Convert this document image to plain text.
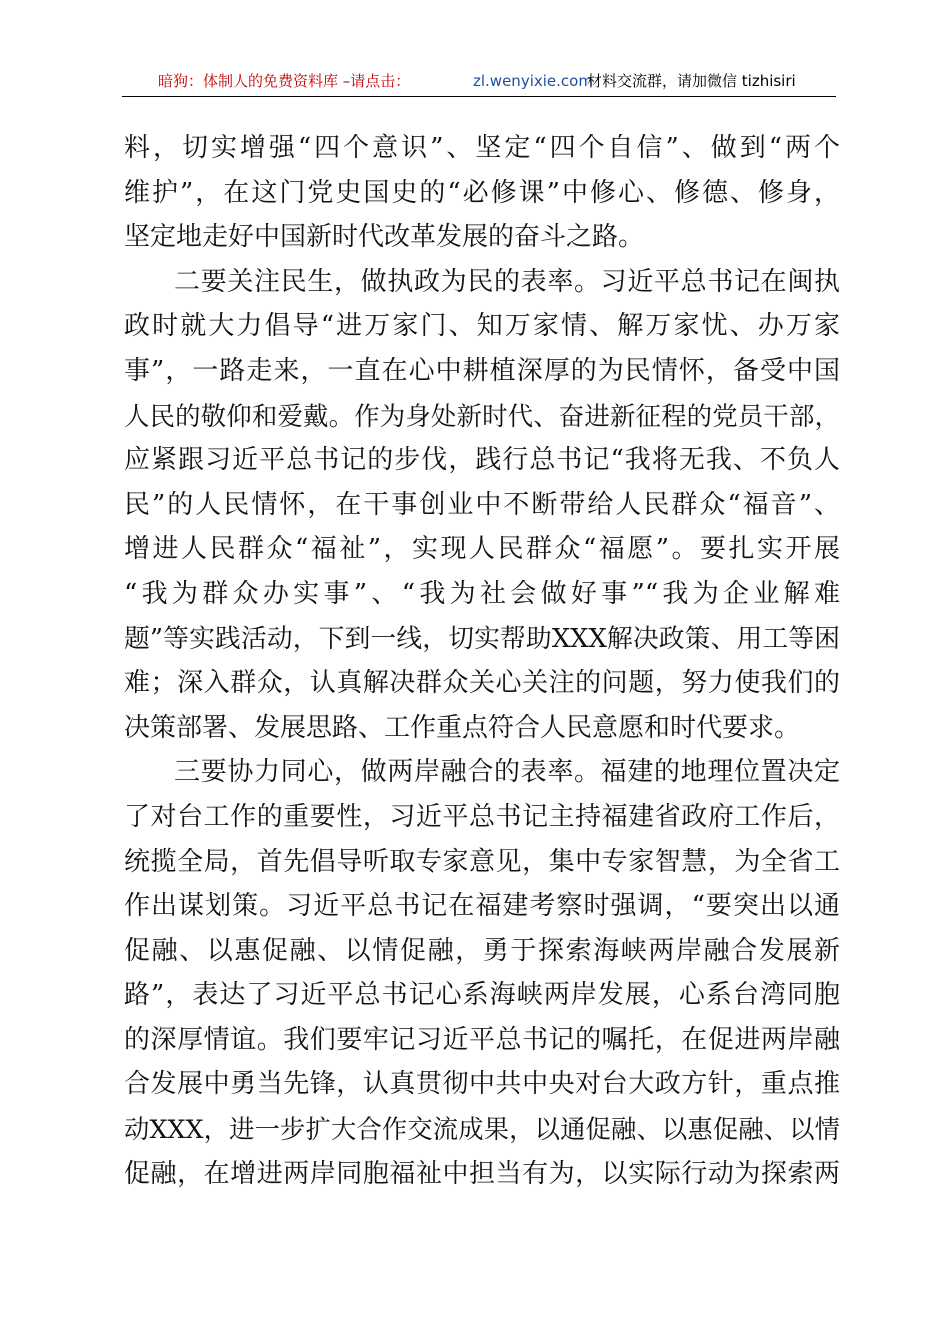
暗狗：体制人的免费资料库 –请点击：	zl.wenyixie.com
材料交流群，请加微信 tizhisiri
料，切实增强“四个意识”、坚定“四个自信”、做到“两个
维护”，在这门党史国史的“必修课”中修心、修德、修身，
坚定地走好中国新时代改革发展的奋斗之路。
二要关注民生，做执政为民的表率。习近平总书记在闽执
政时就大力倡导“进万家门、知万家情、解万家忧、办万家
事”，一路走来，一直在心中耕植深厚的为民情怀，备受中国
人民的敬仰和爱戴。作为身处新时代、奋进新征程的党员干部，
应紧跟习近平总书记的步伐，践行总书记“我将无我、不负人
民”的人民情怀，在干事创业中不断带给人民群众“福音”、
增进人民群众“福祉”，实现人民群众“福愿”。要扎实开展
“我为群众办实事”、“我为社会做好事”“我为企业解难
题”等实践活动，下到一线，切实帮助XXX解决政策、用工等困
难；深入群众，认真解决群众关心关注的问题，努力使我们的
决策部署、发展思路、工作重点符合人民意愿和时代要求。
三要协力同心，做两岸融合的表率。福建的地理位置决定
了对台工作的重要性，习近平总书记主持福建省政府工作后，
统揽全局，首先倡导听取专家意见，集中专家智慧，为全省工
作出谋划策。习近平总书记在福建考察时强调，“要突出以通
促融、以惠促融、以情促融，勇于探索海峡两岸融合发展新
路”，表达了习近平总书记心系海峡两岸发展，心系台湾同胞
的深厚情谊。我们要牢记习近平总书记的嘱托，在促进两岸融
合发展中勇当先锋，认真贯彻中共中央对台大政方针，重点推
动XXX，进一步扩大合作交流成果，以通促融、以惠促融、以情
促融，在增进两岸同胞福祉中担当有为，以实际行动为探索两
